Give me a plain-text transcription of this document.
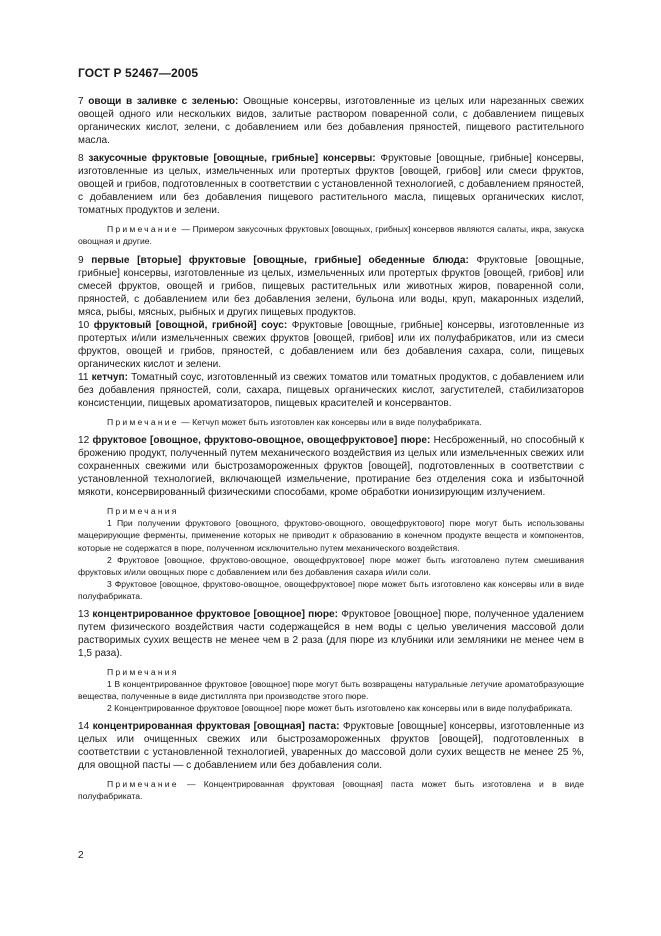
ГОСТ Р 52467—2005

7 овощи в заливке с зеленью: Овощные консервы, изготовленные из целых или нарезанных свежих овощей одного или нескольких видов, залитые раствором поваренной соли, с добавлением пищевых органических кислот, зелени, с добавлением или без добавления пряностей, пищевого растительного масла.

8 закусочные фруктовые [овощные, грибные] консервы: Фруктовые [овощные, грибные] консервы, изготовленные из целых, измельченных или протертых фруктов [овощей, грибов] или смеси фруктов, овощей и грибов, подготовленных в соответствии с установленной технологией, с добавлением пряностей, с добавлением или без добавления пищевого растительного масла, пищевых органических кислот, томатных продуктов и зелени.

Примечание — Примером закусочных фруктовых [овощных, грибных] консервов являются салаты, икра, закуска овощная и другие.

9 первые [вторые] фруктовые [овощные, грибные] обеденные блюда: Фруктовые [овощные, грибные] консервы, изготовленные из целых, измельченных или протертых фруктов [овощей, грибов] или смесей фруктов, овощей и грибов, пищевых растительных или животных жиров, поваренной соли, пряностей, с добавлением или без добавления зелени, бульона или воды, круп, макаронных изделий, мяса, рыбы, мясных, рыбных и других пищевых продуктов.

10 фруктовый [овощной, грибной] соус: Фруктовые [овощные, грибные] консервы, изготовленные из протертых и/или измельченных свежих фруктов [овощей, грибов] или их полуфабрикатов, или из смеси фруктов, овощей и грибов, пряностей, с добавлением или без добавления сахара, соли, пищевых органических кислот и зелени.

11 кетчуп: Томатный соус, изготовленный из свежих томатов или томатных продуктов, с добавлением или без добавления пряностей, соли, сахара, пищевых органических кислот, загустителей, стабилизаторов консистенции, пищевых ароматизаторов, пищевых красителей и консервантов.

Примечание — Кетчуп может быть изготовлен как консервы или в виде полуфабриката.

12 фруктовое [овощное, фруктово-овощное, овощефруктовое] пюре: Несброженный, но способный к брожению продукт, полученный путем механического воздействия из целых или измельченных свежих или сохраненных свежими или быстрозамороженных фруктов [овощей], подготовленных в соответствии с установленной технологией, включающей измельчение, протирание без отделения сока и избыточной мякоти, консервированный физическими способами, кроме обработки ионизирующим излучением.

Примечания

1 При получении фруктового [овощного, фруктово-овощного, овощефруктового] пюре могут быть использованы мацерирующие ферменты, применение которых не приводит к образованию в конечном продукте веществ и компонентов, которые не содержатся в пюре, полученном исключительно путем механического воздействия.

2 Фруктовое [овощное, фруктово-овощное, овощефруктовое] пюре может быть изготовлено путем смешивания фруктовых и/или овощных пюре с добавлением или без добавления сахара и/или соли.

3 Фруктовое [овощное, фруктово-овощное, овощефруктовое] пюре может быть изготовлено как консервы или в виде полуфабриката.

13 концентрированное фруктовое [овощное] пюре: Фруктовое [овощное] пюре, полученное удалением путем физического воздействия части содержащейся в нем воды с целью увеличения массовой доли растворимых сухих веществ не менее чем в 2 раза (для пюре из клубники или земляники не менее чем в 1,5 раза).

Примечания

1 В концентрированное фруктовое [овощное] пюре могут быть возвращены натуральные летучие ароматобразующие вещества, полученные в виде дистиллята при производстве этого пюре.

2 Концентрированное фруктовое [овощное] пюре может быть изготовлено как консервы или в виде полуфабриката.

14 концентрированная фруктовая [овощная] паста: Фруктовые [овощные] консервы, изготовленные из целых или очищенных свежих или быстрозамороженных фруктов [овощей], подготовленных в соответствии с установленной технологией, уваренных до массовой доли сухих веществ не менее 25 %, для овощной пасты — с добавлением или без добавления соли.

Примечание — Концентрированная фруктовая [овощная] паста может быть изготовлена и в виде полуфабриката.

2
